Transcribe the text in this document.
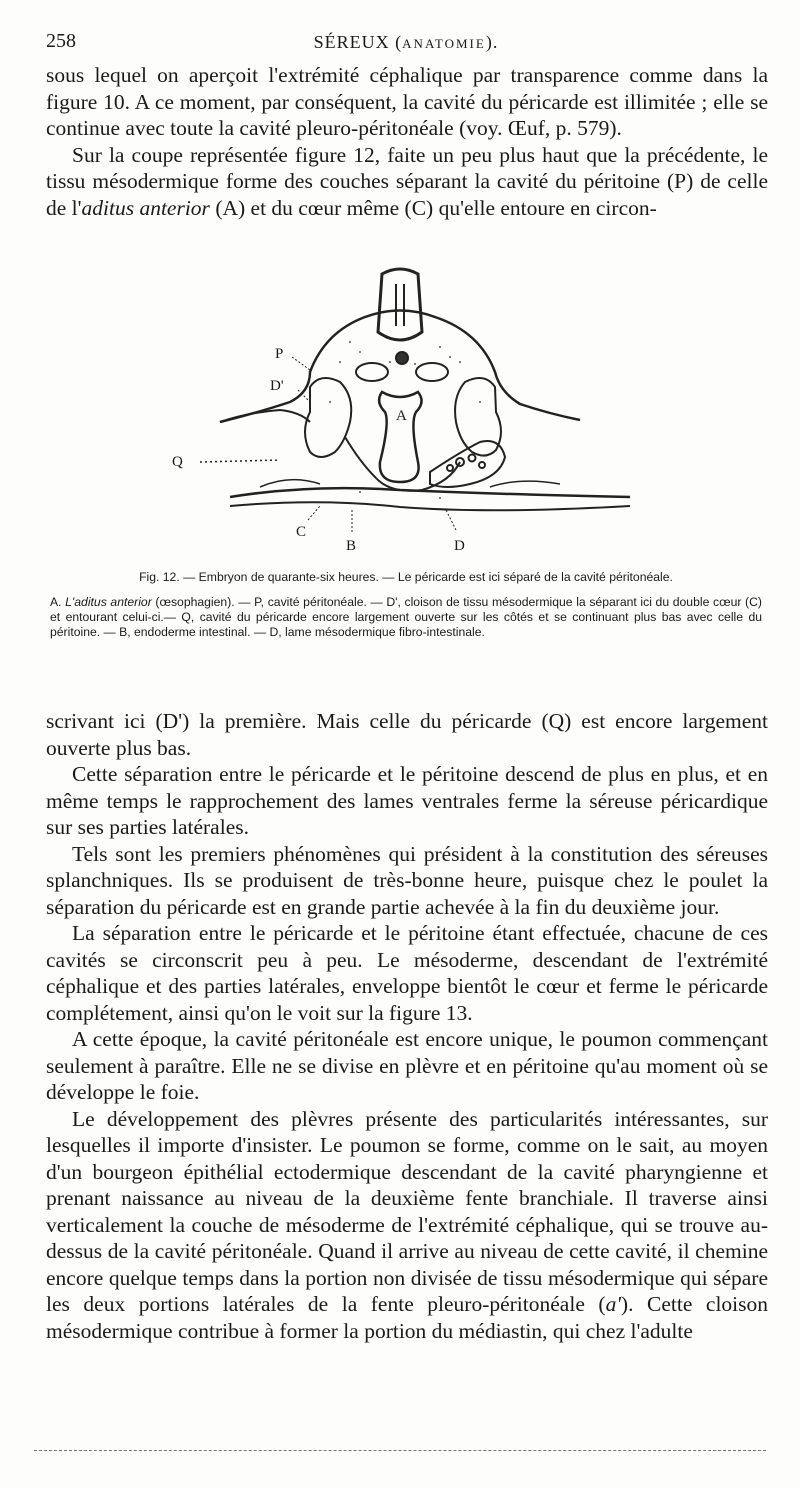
258	SÉREUX (ANATOMIE).

sous lequel on aperçoit l'extrémité céphalique par transparence comme dans la figure 10. A ce moment, par conséquent, la cavité du péricarde est illimitée ; elle se continue avec toute la cavité pleuro-péritonéale (voy. Œuf, p. 579).

Sur la coupe représentée figure 12, faite un peu plus haut que la précédente, le tissu mésodermique forme des couches séparant la cavité du péritoine (P) de celle de l'aditus anterior (A) et du cœur même (C) qu'elle entoure en circon-

P
D'
Q
A
C
B	D

Fig. 12. — Embryon de quarante-six heures. — Le péricarde est ici séparé de la cavité péritonéale.

A. L'aditus anterior (œsophagien). — P, cavité péritonéale. — D', cloison de tissu mésodermique la séparant ici du double cœur (C) et entourant celui-ci.— Q, cavité du péricarde encore largement ouverte sur les côtés et se continuant plus bas avec celle du péritoine. — B, endoderme intestinal. — D, lame mésodermique fibro-intestinale.

scrivant ici (D') la première. Mais celle du péricarde (Q) est encore largement ouverte plus bas.

Cette séparation entre le péricarde et le péritoine descend de plus en plus, et en même temps le rapprochement des lames ventrales ferme la séreuse péricardique sur ses parties latérales.

Tels sont les premiers phénomènes qui président à la constitution des séreuses splanchniques. Ils se produisent de très-bonne heure, puisque chez le poulet la séparation du péricarde est en grande partie achevée à la fin du deuxième jour.

La séparation entre le péricarde et le péritoine étant effectuée, chacune de ces cavités se circonscrit peu à peu. Le mésoderme, descendant de l'extrémité céphalique et des parties latérales, enveloppe bientôt le cœur et ferme le péricarde complétement, ainsi qu'on le voit sur la figure 13.

A cette époque, la cavité péritonéale est encore unique, le poumon commençant seulement à paraître. Elle ne se divise en plèvre et en péritoine qu'au moment où se développe le foie.

Le développement des plèvres présente des particularités intéressantes, sur lesquelles il importe d'insister. Le poumon se forme, comme on le sait, au moyen d'un bourgeon épithélial ectodermique descendant de la cavité pharyngienne et prenant naissance au niveau de la deuxième fente branchiale. Il traverse ainsi verticalement la couche de mésoderme de l'extrémité céphalique, qui se trouve au-dessus de la cavité péritonéale. Quand il arrive au niveau de cette cavité, il chemine encore quelque temps dans la portion non divisée de tissu mésodermique qui sépare les deux portions latérales de la fente pleuro-péritonéale (a'). Cette cloison mésodermique contribue à former la portion du médiastin, qui chez l'adulte
